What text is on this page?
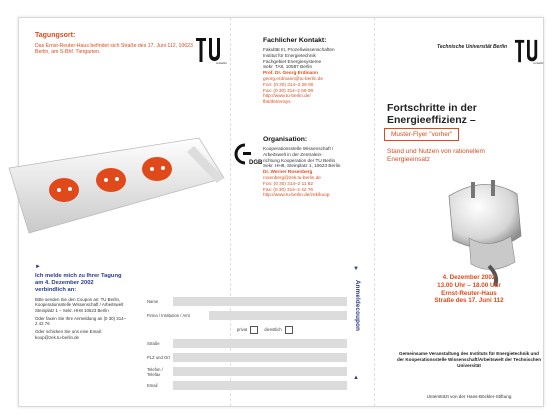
Tagungsort:

Das Ernst-Reuter-Haus befindet sich Straße des 17. Juni 112, 10623 Berlin, am S-Bhf. Tiergarten.

tu berlin
DGB
Fachlicher Kontakt:

Fakultät III, Prozeßwissenschaften

Institut für Energietechnik

Fachgebiet Energiesysteme

Sekr. TA8, 10587 Berlin

Prof. Dr. Georg Erdmann

georg.erdmann@tu-berlin.de

Fon: (0 30) 314–2 28 90

Fax: (0 30) 314–2 69 08

http://www.tu-berlin.de/

fb6/ifet/ensys

Organisation:

Kooperationsstelle Wissenschaft /

Arbeitswelt in der Zentralein-

richtung Kooperation der TU Berlin

Sekr. HH8, Steinplatz 1, 10623 Berlin

Dr. Werner Rosenberg

rosenberg@zek.tu-berlin.de

Fon: (0 30) 314–2 11 82

Fax: (0 30) 314–2 42 76

http://www.tu-berlin.de/zek/koop

Technische Universität Berlin
tu berlin
Fortschritte in der Energieeffizienz –
Muster-Flyer "vorher"
Stand und Nutzen von rationellem Energieeinsatz
4. Dezember 2002
13.00 Uhr – 18.00 Uhr
Ernst-Reuter-Haus
Straße des 17. Juni 112
Gemeinsame Veranstaltung des Instituts für Energietechnik und der Kooperationsstelle Wissenschaft/Arbeitswelt der Technischen Universität
Unterstützt von der Hans-Böckler-Stiftung
►
Ich melde mich zu Ihrer Tagung am 4. Dezember 2002 verbindlich an:

Bitte senden Sie den Coupon an: TU Berlin, Kooperationsstelle Wissenschaft / Arbeitswelt Steinplatz 1 – Sekr. HH8 10623 Berlin

Oder faxen Sie Ihre Anmeldung an (0 30) 314–2 42 76

Oder schicken Sie uns eine Email: koop@zek.tu-berlin.de

Name
Firma / Institution / Amt
privat	dienstlich
Straße
PLZ und Ort
Telefon / Telefax
Email
▼
Anmeldecoupon
▲
